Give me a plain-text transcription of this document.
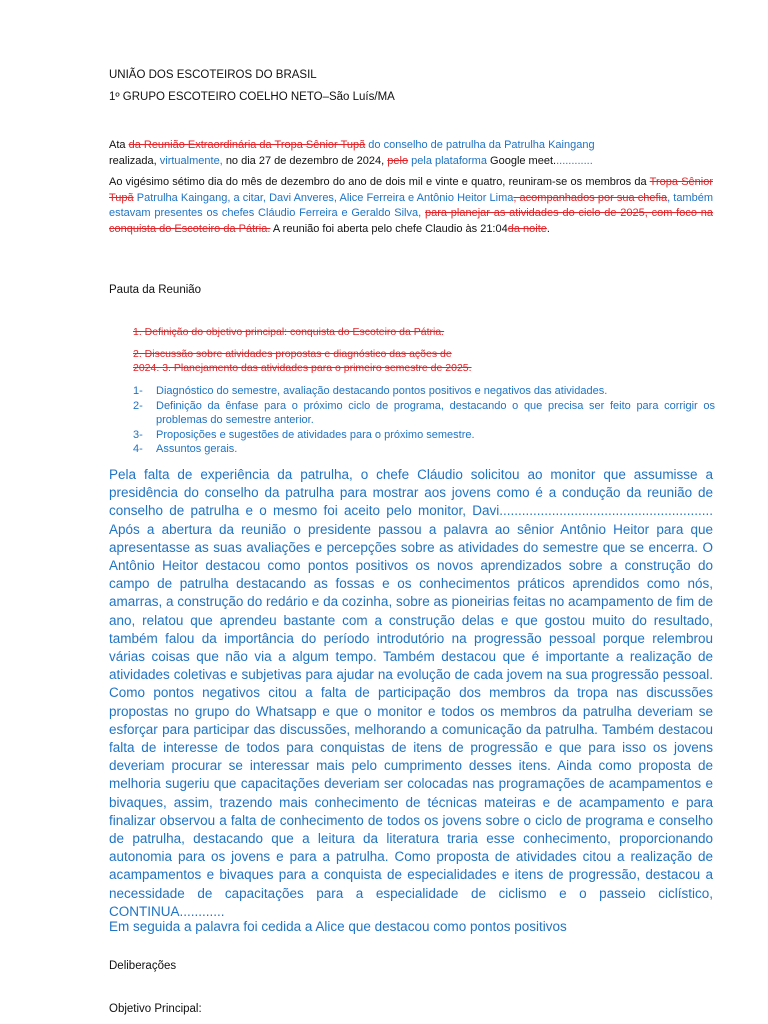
UNIÃO DOS ESCOTEIROS DO BRASIL
1º GRUPO ESCOTEIRO COELHO NETO–São Luís/MA
Ata da Reunião Extraordinária da Tropa Sênior Tupã do conselho de patrulha da Patrulha Kaingang
realizada, virtualmente, no dia 27 de dezembro de 2024, pelo pela plataforma Google meet.............
Ao vigésimo sétimo dia do mês de dezembro do ano de dois mil e vinte e quatro, reuniram-se os membros da Tropa Sênior Tupã Patrulha Kaingang, a citar, Davi Anveres, Alice Ferreira e Antônio Heitor Lima, acompanhados por sua chefia, também estavam presentes os chefes Cláudio Ferreira e Geraldo Silva, para planejar as atividades do ciclo de 2025, com foco na conquista do Escoteiro da Pátria. A reunião foi aberta pelo chefe Claudio às 21:04da noite.
Pauta da Reunião
1. Definição do objetivo principal: conquista do Escoteiro da Pátria.
2. Discussão sobre atividades propostas e diagnóstico das ações de
2024. 3. Planejamento das atividades para o primeiro semestre de 2025.
1- Diagnóstico do semestre, avaliação destacando pontos positivos e negativos das atividades.
2- Definição da ênfase para o próximo ciclo de programa, destacando o que precisa ser feito para corrigir os problemas do semestre anterior.
3- Proposições e sugestões de atividades para o próximo semestre.
4- Assuntos gerais.
Pela falta de experiência da patrulha, o chefe Cláudio solicitou ao monitor que assumisse a presidência do conselho da patrulha para mostrar aos jovens como é a condução da reunião de conselho de patrulha e o mesmo foi aceito pelo monitor, Davi......................................................... Após a abertura da reunião o presidente passou a palavra ao sênior Antônio Heitor para que apresentasse as suas avaliações e percepções sobre as atividades do semestre que se encerra. O Antônio Heitor destacou como pontos positivos os novos aprendizados sobre a construção do campo de patrulha destacando as fossas e os conhecimentos práticos aprendidos como nós, amarras, a construção do redário e da cozinha, sobre as pioneirias feitas no acampamento de fim de ano, relatou que aprendeu bastante com a construção delas e que gostou muito do resultado, também falou da importância do período introdutório na progressão pessoal porque relembrou várias coisas que não via a algum tempo. Também destacou que é importante a realização de atividades coletivas e subjetivas para ajudar na evolução de cada jovem na sua progressão pessoal. Como pontos negativos citou a falta de participação dos membros da tropa nas discussões propostas no grupo do Whatsapp e que o monitor e todos os membros da patrulha deveriam se esforçar para participar das discussões, melhorando a comunicação da patrulha. Também destacou falta de interesse de todos para conquistas de itens de progressão e que para isso os jovens deveriam procurar se interessar mais pelo cumprimento desses itens. Ainda como proposta de melhoria sugeriu que capacitações deveriam ser colocadas nas programações de acampamentos e bivaques, assim, trazendo mais conhecimento de técnicas mateiras e de acampamento e para finalizar observou a falta de conhecimento de todos os jovens sobre o ciclo de programa e conselho de patrulha, destacando que a leitura da literatura traria esse conhecimento, proporcionando autonomia para os jovens e para a patrulha. Como proposta de atividades citou a realização de acampamentos e bivaques para a conquista de especialidades e itens de progressão, destacou a necessidade de capacitações para a especialidade de ciclismo e o passeio ciclístico, CONTINUA............
Em seguida a palavra foi cedida a Alice que destacou como pontos positivos
Deliberações
Objetivo Principal:
